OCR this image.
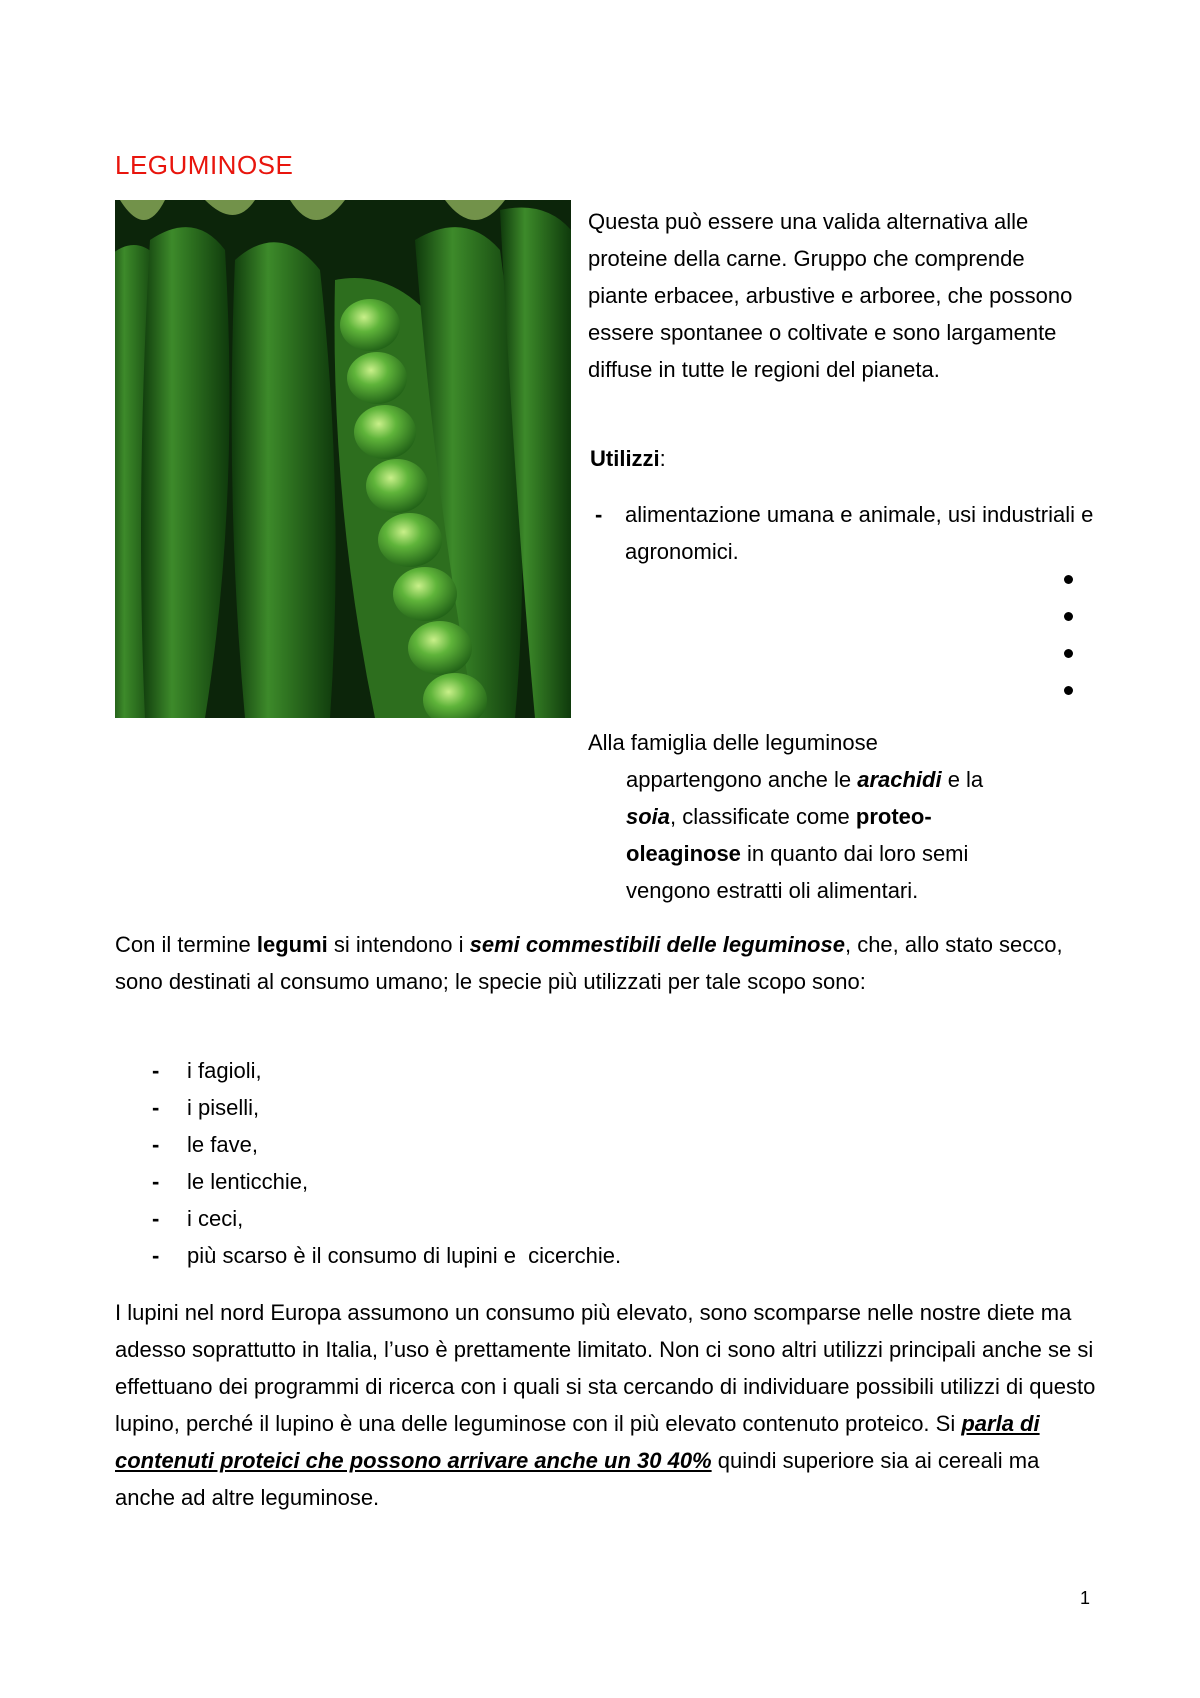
LEGUMINOSE

Questa può essere una valida alternativa alle proteine della carne. Gruppo che comprende piante erbacee, arbustive e arboree, che possono essere spontanee o coltivate e sono largamente diffuse in tutte le regioni del pianeta.

Utilizzi:
- alimentazione umana e animale, usi industriali e agronomici.
Alla famiglia delle leguminose
appartengono anche le arachidi e la
soia, classificate come proteo-
oleaginose in quanto dai loro semi
vengono estratti oli alimentari.
Con il termine legumi si intendono i semi commestibili delle leguminose, che, allo stato secco, sono destinati al consumo umano; le specie più utilizzati per tale scopo sono:
- i fagioli,
- i piselli,
- le fave,
- le lenticchie,
- i ceci,
- più scarso è il consumo di lupini e  cicerchie.
I lupini nel nord Europa assumono un consumo più elevato, sono scomparse nelle nostre diete ma adesso soprattutto in Italia, l’uso è prettamente limitato. Non ci sono altri utilizzi principali anche se si effettuano dei programmi di ricerca con i quali si sta cercando di individuare possibili utilizzi di questo lupino, perché il lupino è una delle leguminose con il più elevato contenuto proteico. Si parla di contenuti proteici che possono arrivare anche un 30 40% quindi superiore sia ai cereali ma anche ad altre leguminose.
1
